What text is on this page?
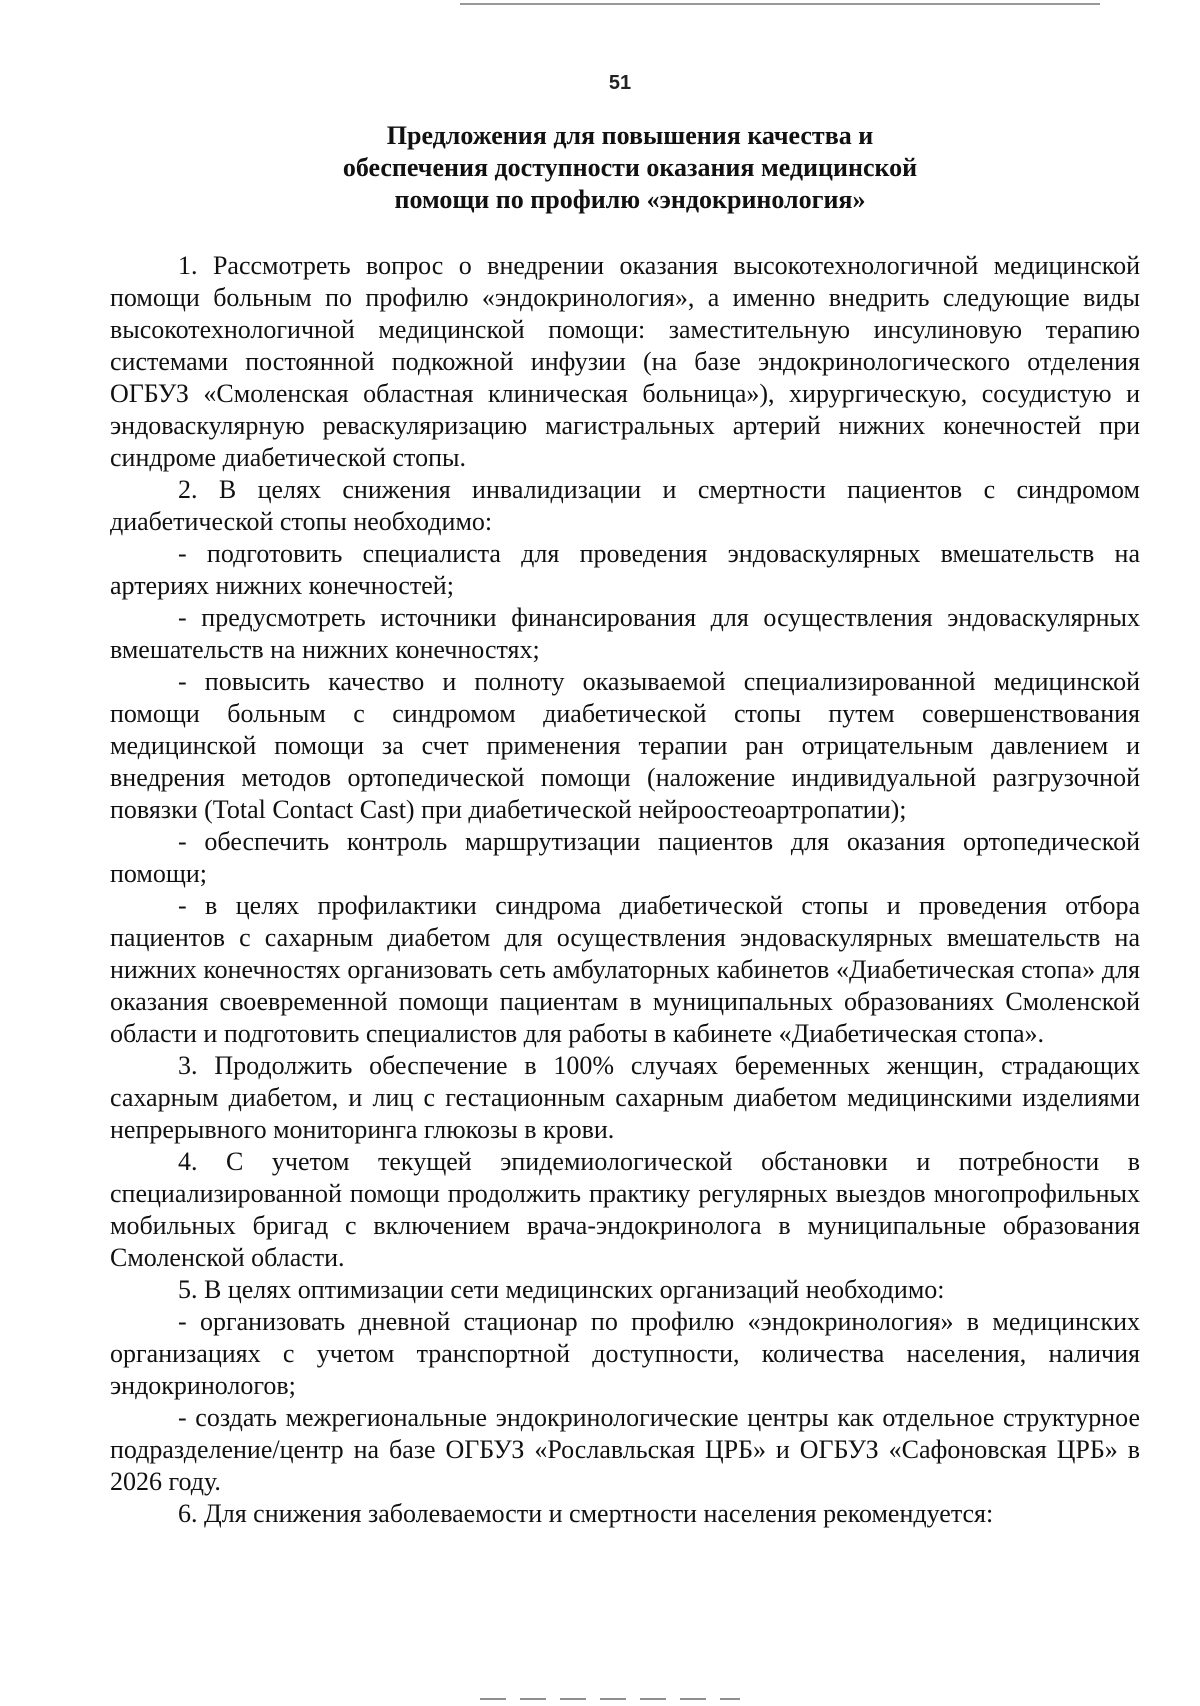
51
Предложения для повышения качества и
обеспечения доступности оказания медицинской
помощи по профилю «эндокринология»

1. Рассмотреть вопрос о внедрении оказания высокотехнологичной медицинской помощи больным по профилю «эндокринология», а именно внедрить следующие виды высокотехнологичной медицинской помощи: заместительную инсулиновую терапию системами постоянной подкожной инфузии (на базе эндокринологического отделения ОГБУЗ «Смоленская областная клиническая больница»), хирургическую, сосудистую и эндоваскулярную реваскуляризацию магистральных артерий нижних конечностей при синдроме диабетической стопы.

2. В целях снижения инвалидизации и смертности пациентов с синдромом диабетической стопы необходимо:

- подготовить специалиста для проведения эндоваскулярных вмешательств на артериях нижних конечностей;

- предусмотреть источники финансирования для осуществления эндоваскулярных вмешательств на нижних конечностях;

- повысить качество и полноту оказываемой специализированной медицинской помощи больным с синдромом диабетической стопы путем совершенствования медицинской помощи за счет применения терапии ран отрицательным давлением и внедрения методов ортопедической помощи (наложение индивидуальной разгрузочной повязки (Total Contact Cast) при диабетической нейроостеоартропатии);

- обеспечить контроль маршрутизации пациентов для оказания ортопедической помощи;

- в целях профилактики синдрома диабетической стопы и проведения отбора пациентов с сахарным диабетом для осуществления эндоваскулярных вмешательств на нижних конечностях организовать сеть амбулаторных кабинетов «Диабетическая стопа» для оказания своевременной помощи пациентам в муниципальных образованиях Смоленской области и подготовить специалистов для работы в кабинете «Диабетическая стопа».

3. Продолжить обеспечение в 100% случаях беременных женщин, страдающих сахарным диабетом, и лиц с гестационным сахарным диабетом медицинскими изделиями непрерывного мониторинга глюкозы в крови.

4. С учетом текущей эпидемиологической обстановки и потребности в специализированной помощи продолжить практику регулярных выездов многопрофильных мобильных бригад с включением врача-эндокринолога в муниципальные образования Смоленской области.

5. В целях оптимизации сети медицинских организаций необходимо:

- организовать дневной стационар по профилю «эндокринология» в медицинских организациях с учетом транспортной доступности, количества населения, наличия эндокринологов;

- создать межрегиональные эндокринологические центры как отдельное структурное подразделение/центр на базе ОГБУЗ «Рославльская ЦРБ» и ОГБУЗ «Сафоновская ЦРБ» в 2026 году.

6. Для снижения заболеваемости и смертности населения рекомендуется:
